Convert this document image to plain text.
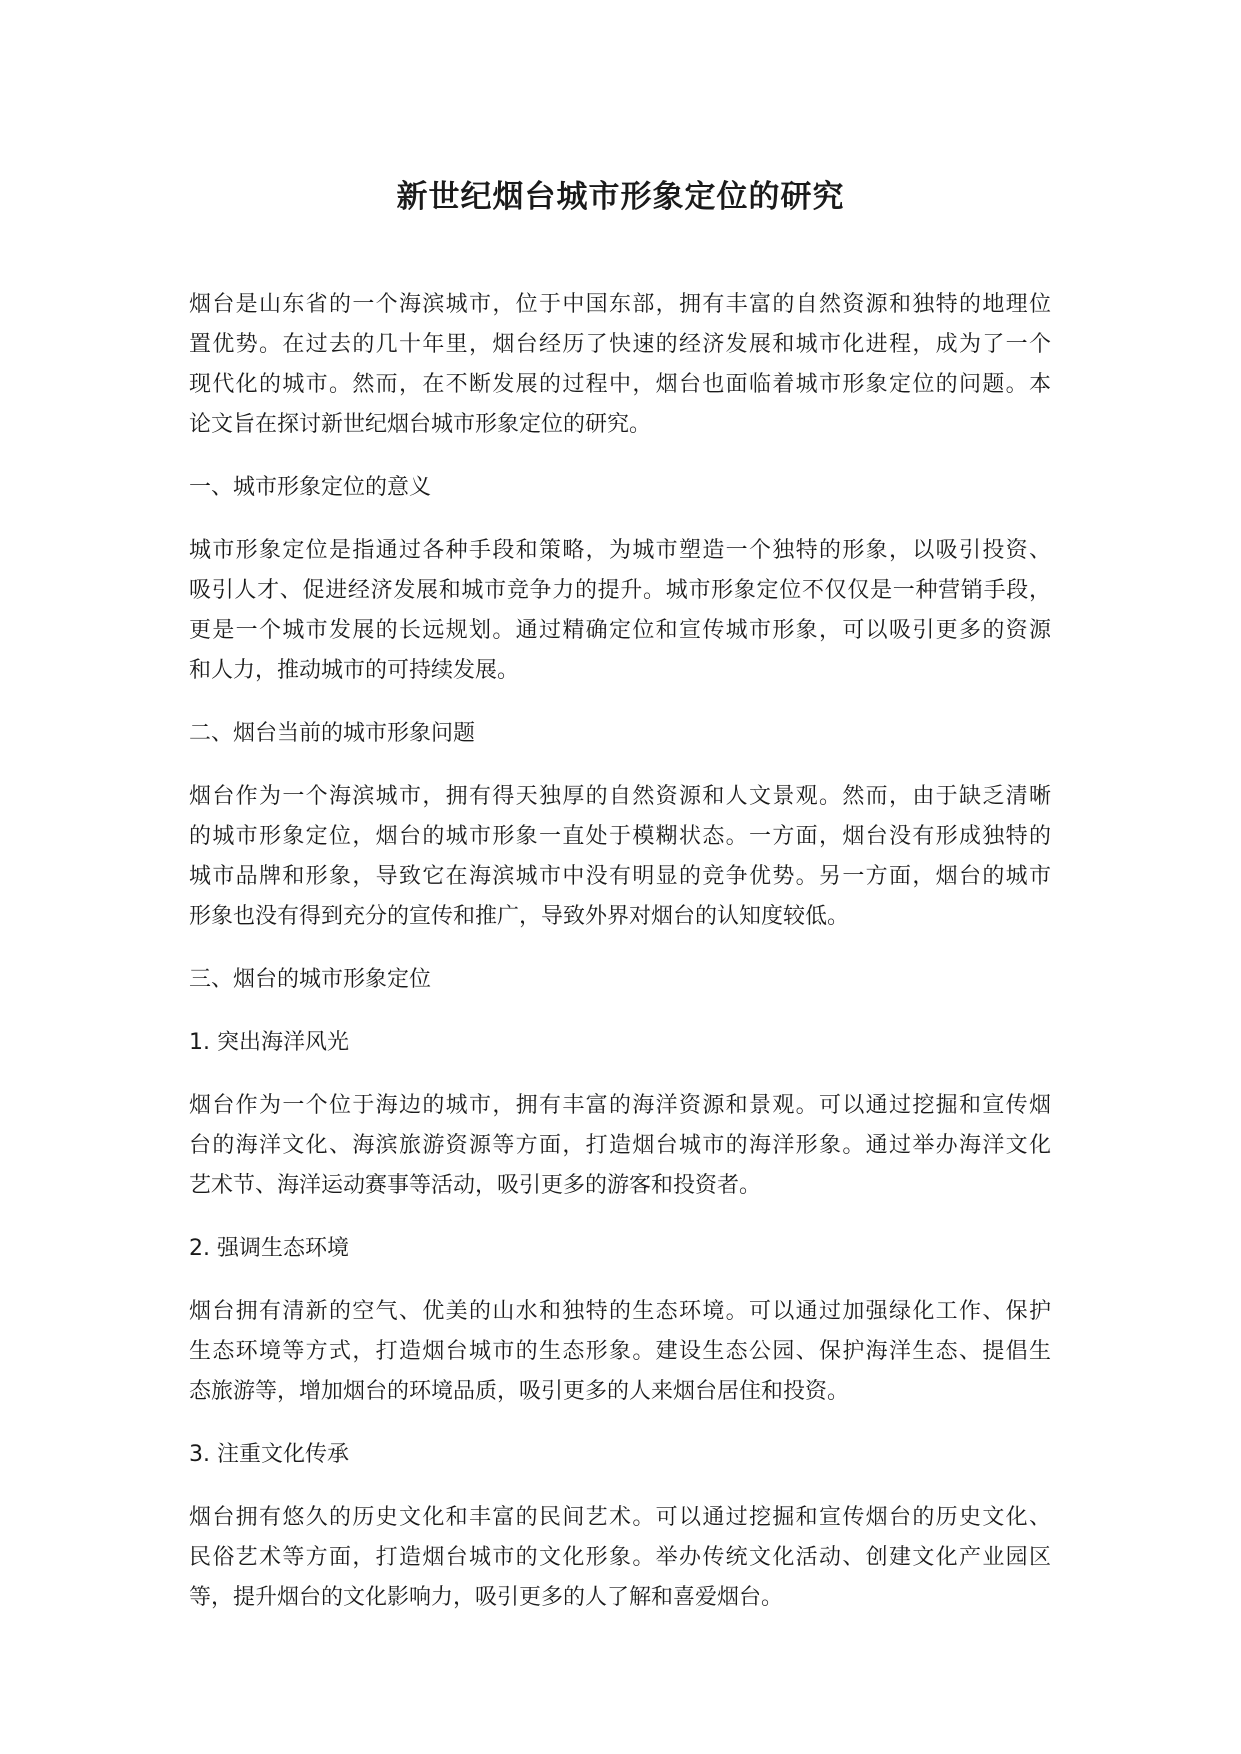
新世纪烟台城市形象定位的研究
烟台是山东省的一个海滨城市，位于中国东部，拥有丰富的自然资源和独特的地理位
置优势。在过去的几十年里，烟台经历了快速的经济发展和城市化进程，成为了一个
现代化的城市。然而，在不断发展的过程中，烟台也面临着城市形象定位的问题。本
论文旨在探讨新世纪烟台城市形象定位的研究。
一、城市形象定位的意义
城市形象定位是指通过各种手段和策略，为城市塑造一个独特的形象，以吸引投资、
吸引人才、促进经济发展和城市竞争力的提升。城市形象定位不仅仅是一种营销手段，
更是一个城市发展的长远规划。通过精确定位和宣传城市形象，可以吸引更多的资源
和人力，推动城市的可持续发展。
二、烟台当前的城市形象问题
烟台作为一个海滨城市，拥有得天独厚的自然资源和人文景观。然而，由于缺乏清晰
的城市形象定位，烟台的城市形象一直处于模糊状态。一方面，烟台没有形成独特的
城市品牌和形象，导致它在海滨城市中没有明显的竞争优势。另一方面，烟台的城市
形象也没有得到充分的宣传和推广，导致外界对烟台的认知度较低。
三、烟台的城市形象定位
1. 突出海洋风光
烟台作为一个位于海边的城市，拥有丰富的海洋资源和景观。可以通过挖掘和宣传烟
台的海洋文化、海滨旅游资源等方面，打造烟台城市的海洋形象。通过举办海洋文化
艺术节、海洋运动赛事等活动，吸引更多的游客和投资者。
2. 强调生态环境
烟台拥有清新的空气、优美的山水和独特的生态环境。可以通过加强绿化工作、保护
生态环境等方式，打造烟台城市的生态形象。建设生态公园、保护海洋生态、提倡生
态旅游等，增加烟台的环境品质，吸引更多的人来烟台居住和投资。
3. 注重文化传承
烟台拥有悠久的历史文化和丰富的民间艺术。可以通过挖掘和宣传烟台的历史文化、
民俗艺术等方面，打造烟台城市的文化形象。举办传统文化活动、创建文化产业园区
等，提升烟台的文化影响力，吸引更多的人了解和喜爱烟台。
